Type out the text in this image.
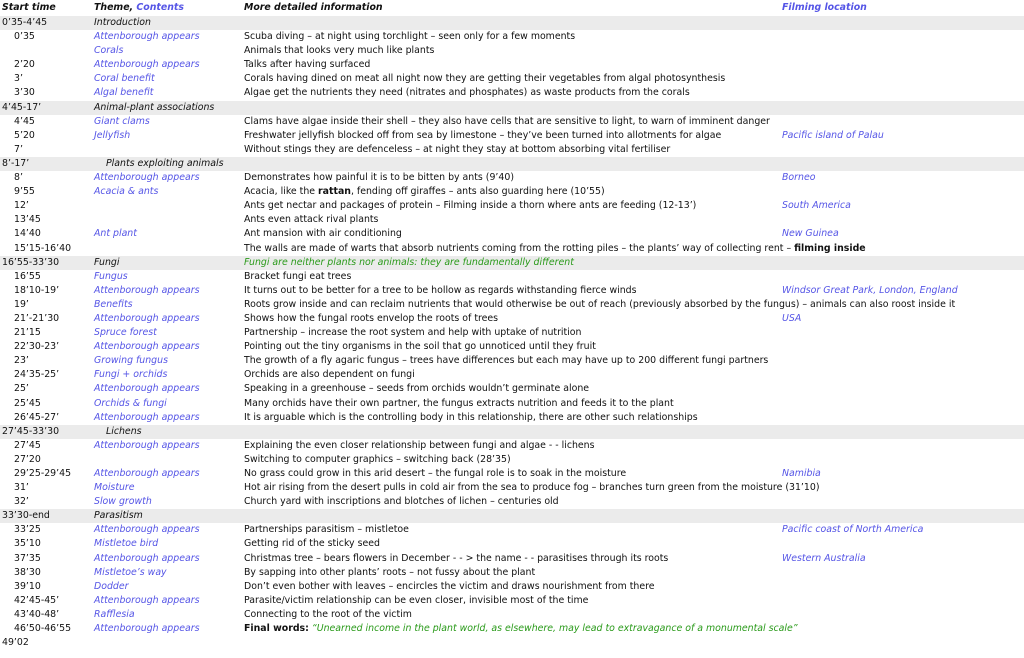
Start time	Theme, Contents	More detailed information	Filming location
0’35-4’45	Introduction		
0’35	Attenborough appears	Scuba diving – at night using torchlight – seen only for a few moments	
	Corals	Animals that looks very much like plants	
2’20	Attenborough appears	Talks after having surfaced	
3’	Coral benefit	Corals having dined on meat all night now they are getting their vegetables from algal photosynthesis	
3’30	Algal benefit	Algae get the nutrients they need (nitrates and phosphates) as waste products from the corals	
4’45-17’	Animal-plant associations		
4’45	Giant clams	Clams have algae inside their shell – they also have cells that are sensitive to light, to warn of imminent danger	
5’20	Jellyfish	Freshwater jellyfish blocked off from sea by limestone – they’ve been turned into allotments for algae	Pacific island of Palau
7’		Without stings they are defenceless – at night they stay at bottom absorbing vital fertiliser	
8’-17’	Plants exploiting animals		
8’	Attenborough appears	Demonstrates how painful it is to be bitten by ants (9’40)	Borneo
9’55	Acacia & ants	Acacia, like the rattan, fending off giraffes – ants also guarding here (10’55)	
12’		Ants get nectar and packages of protein – Filming inside a thorn where ants are feeding (12-13’)	South America
13’45		Ants even attack rival plants	
14’40	Ant plant	Ant mansion with air conditioning	New Guinea
15’15-16’40		The walls are made of warts that absorb nutrients coming from the rotting piles – the plants’ way of collecting rent – filming inside	
16’55-33’30	Fungi	Fungi are neither plants nor animals: they are fundamentally different	
16’55	Fungus	Bracket fungi eat trees	
18’10-19’	Attenborough appears	It turns out to be better for a tree to be hollow as regards withstanding fierce winds	Windsor Great Park, London, England
19’	Benefits	Roots grow inside and can reclaim nutrients that would otherwise be out of reach (previously absorbed by the fungus) – animals can also roost inside it	
21’-21’30	Attenborough appears	Shows how the fungal roots envelop the roots of trees	USA
21’15	Spruce forest	Partnership – increase the root system and help with uptake of nutrition	
22’30-23’	Attenborough appears	Pointing out the tiny organisms in the soil that go unnoticed until they fruit	
23’	Growing fungus	The growth of a fly agaric fungus – trees have differences but each may have up to 200 different fungi partners	
24’35-25’	Fungi + orchids	Orchids are also dependent on fungi	
25’	Attenborough appears	Speaking in a greenhouse – seeds from orchids wouldn’t germinate alone	
25’45	Orchids & fungi	Many orchids have their own partner, the fungus extracts nutrition and feeds it to the plant	
26’45-27’	Attenborough appears	It is arguable which is the controlling body in this relationship, there are other such relationships	
27’45-33’30	Lichens		
27’45	Attenborough appears	Explaining the even closer relationship between fungi and algae - - lichens	
27’20		Switching to computer graphics – switching back (28’35)	
29’25-29’45	Attenborough appears	No grass could grow in this arid desert – the fungal role is to soak in the moisture	Namibia
31’	Moisture	Hot air rising from the desert pulls in cold air from the sea to produce fog – branches turn green from the moisture (31’10)	
32’	Slow growth	Church yard with inscriptions and blotches of lichen – centuries old	
33’30-end	Parasitism		
33’25	Attenborough appears	Partnerships parasitism – mistletoe	Pacific coast of North America
35’10	Mistletoe bird	Getting rid of the sticky seed	
37’35	Attenborough appears	Christmas tree – bears flowers in December - - > the name - - parasitises through its roots	Western Australia
38’30	Mistletoe’s way	By sapping into other plants’ roots – not fussy about the plant	
39’10	Dodder	Don’t even bother with leaves – encircles the victim and draws nourishment from there	
42’45-45’	Attenborough appears	Parasite/victim relationship can be even closer, invisible most of the time	
43’40-48’	Rafflesia	Connecting to the root of the victim	
46’50-46’55	Attenborough appears	Final words: “Unearned income in the plant world, as elsewhere, may lead to extravagance of a monumental scale”	
49’02			
